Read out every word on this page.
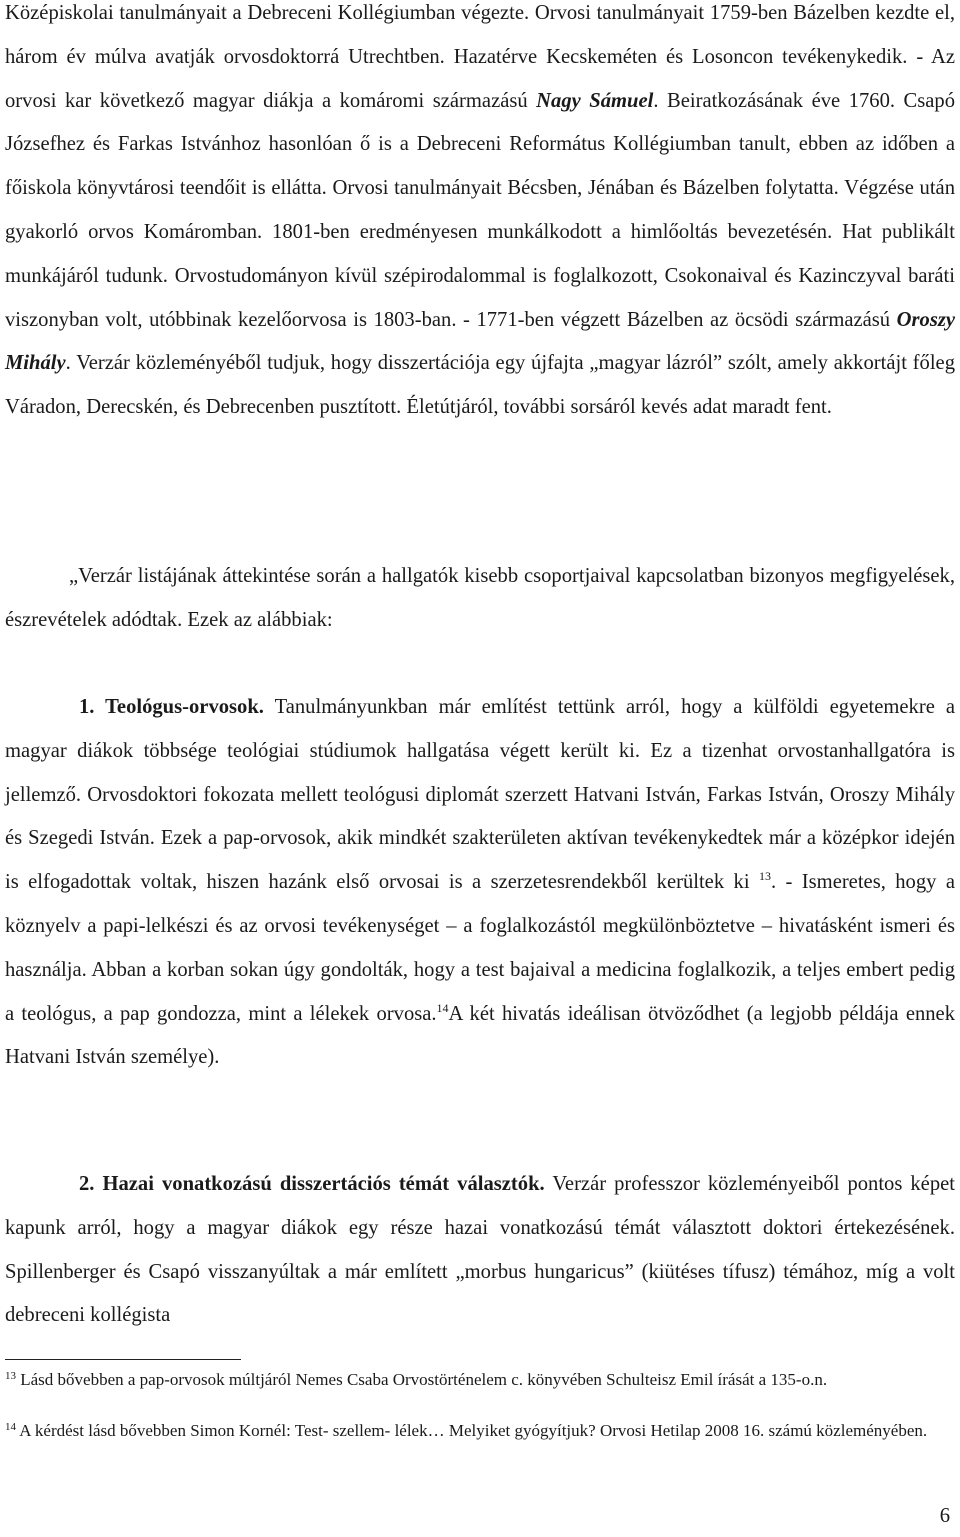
Középiskolai tanulmányait a Debreceni Kollégiumban végezte. Orvosi tanulmányait 1759-ben Bázelben kezdte el, három év múlva avatják orvosdoktorrá Utrechtben. Hazatérve Kecskeméten és Losoncon tevékenykedik. - Az orvosi kar következő magyar diákja a komáromi származású Nagy Sámuel. Beiratkozásának éve 1760. Csapó Józsefhez és Farkas Istvánhoz hasonlóan ő is a Debreceni Református Kollégiumban tanult, ebben az időben a főiskola könyvtárosi teendőit is ellátta. Orvosi tanulmányait Bécsben, Jénában és Bázelben folytatta. Végzése után gyakorló orvos Komáromban. 1801-ben eredményesen munkálkodott a himlőoltás bevezetésén. Hat publikált munkájáról tudunk. Orvostudományon kívül szépirodalommal is foglalkozott, Csokonaival és Kazinczyval baráti viszonyban volt, utóbbinak kezelőorvosa is 1803-ban. - 1771-ben végzett Bázelben az öcsödi származású Oroszy Mihály. Verzár közleményéből tudjuk, hogy disszertációja egy újfajta „magyar lázról” szólt, amely akkortájt főleg Váradon, Derecskén, és Debrecenben pusztított. Életútjáról, további sorsáról kevés adat maradt fent.

„Verzár listájának áttekintése során a hallgatók kisebb csoportjaival kapcsolatban bizonyos megfigyelések, észrevételek adódtak. Ezek az alábbiak:

1. Teológus-orvosok. Tanulmányunkban már említést tettünk arról, hogy a külföldi egyetemekre a magyar diákok többsége teológiai stúdiumok hallgatása végett került ki. Ez a tizenhat orvostanhallgatóra is jellemző. Orvosdoktori fokozata mellett teológusi diplomát szerzett Hatvani István, Farkas István, Oroszy Mihály és Szegedi István. Ezek a pap-orvosok, akik mindkét szakterületen aktívan tevékenykedtek már a középkor idején is elfogadottak voltak, hiszen hazánk első orvosai is a szerzetesrendekből kerültek ki $^{13}$. - Ismeretes, hogy a köznyelv a papi-lelkészi és az orvosi tevékenységet – a foglalkozástól megkülönböztetve – hivatásként ismeri és használja. Abban a korban sokan úgy gondolták, hogy a test bajaival a medicina foglalkozik, a teljes embert pedig a teológus, a pap gondozza, mint a lélekek orvosa.$^{14}$A két hivatás ideálisan ötvöződhet (a legjobb példája ennek Hatvani István személye).

2. Hazai vonatkozású disszertációs témát választók. Verzár professzor közleményeiből pontos képet kapunk arról, hogy a magyar diákok egy része hazai vonatkozású témát választott doktori értekezésének. Spillenberger és Csapó visszanyúltak a már említett „morbus hungaricus” (kiütéses tífusz) témához, míg a volt debreceni kollégista

$^{13}$ Lásd bővebben a pap-orvosok múltjáról Nemes Csaba Orvostörténelem c. könyvében Schulteisz Emil írását a 135-o.n.

$^{14}$ A kérdést lásd bővebben Simon Kornél: Test- szellem- lélek… Melyiket gyógyítjuk? Orvosi Hetilap 2008 16. számú közleményében.

6
